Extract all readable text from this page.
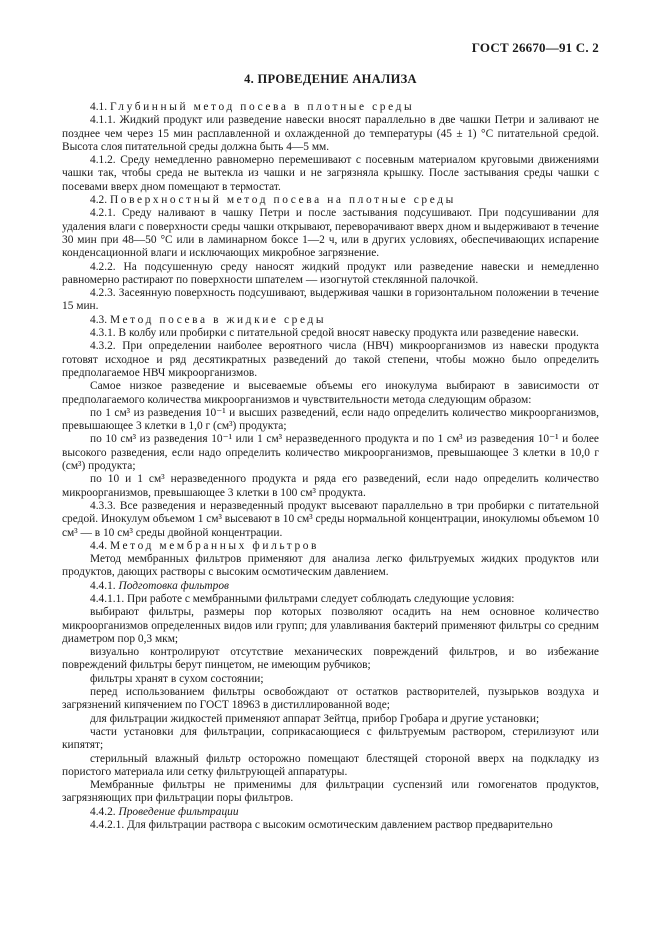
ГОСТ 26670—91 С. 2
4. ПРОВЕДЕНИЕ АНАЛИЗА

4.1. Глубинный метод посева в плотные среды

4.1.1. Жидкий продукт или разведение навески вносят параллельно в две чашки Петри и заливают не позднее чем через 15 мин расплавленной и охлажденной до температуры (45 ± 1) °С питательной средой. Высота слоя питательной среды должна быть 4—5 мм.

4.1.2. Среду немедленно равномерно перемешивают с посевным материалом круговыми движениями чашки так, чтобы среда не вытекла из чашки и не загрязняла крышку. После застывания среды чашки с посевами вверх дном помещают в термостат.

4.2. Поверхностный метод посева на плотные среды

4.2.1. Среду наливают в чашку Петри и после застывания подсушивают. При подсушивании для удаления влаги с поверхности среды чашки открывают, переворачивают вверх дном и выдерживают в течение 30 мин при 48—50 °С или в ламинарном боксе 1—2 ч, или в других условиях, обеспечивающих испарение конденсационной влаги и исключающих микробное загрязнение.

4.2.2. На подсушенную среду наносят жидкий продукт или разведение навески и немедленно равномерно растирают по поверхности шпателем — изогнутой стеклянной палочкой.

4.2.3. Засеянную поверхность подсушивают, выдерживая чашки в горизонтальном положении в течение 15 мин.

4.3. Метод посева в жидкие среды

4.3.1. В колбу или пробирки с питательной средой вносят навеску продукта или разведение навески.

4.3.2. При определении наиболее вероятного числа (НВЧ) микроорганизмов из навески продукта готовят исходное и ряд десятикратных разведений до такой степени, чтобы можно было определить предполагаемое НВЧ микроорганизмов.

Самое низкое разведение и высеваемые объемы его инокулума выбирают в зависимости от предполагаемого количества микроорганизмов и чувствительности метода следующим образом:

по 1 см³ из разведения 10⁻¹ и высших разведений, если надо определить количество микроорганизмов, превышающее 3 клетки в 1,0 г (см³) продукта;

по 10 см³ из разведения 10⁻¹ или 1 см³ неразведенного продукта и по 1 см³ из разведения 10⁻¹ и более высокого разведения, если надо определить количество микроорганизмов, превышающее 3 клетки в 10,0 г (см³) продукта;

по 10 и 1 см³ неразведенного продукта и ряда его разведений, если надо определить количество микроорганизмов, превышающее 3 клетки в 100 см³ продукта.

4.3.3. Все разведения и неразведенный продукт высевают параллельно в три пробирки с питательной средой. Инокулум объемом 1 см³ высевают в 10 см³ среды нормальной концентрации, инокулюмы объемом 10 см³ — в 10 см³ среды двойной концентрации.

4.4. Метод мембранных фильтров

Метод мембранных фильтров применяют для анализа легко фильтруемых жидких продуктов или продуктов, дающих растворы с высоким осмотическим давлением.

4.4.1. Подготовка фильтров

4.4.1.1. При работе с мембранными фильтрами следует соблюдать следующие условия:

выбирают фильтры, размеры пор которых позволяют осадить на нем основное количество микроорганизмов определенных видов или групп; для улавливания бактерий применяют фильтры со средним диаметром пор 0,3 мкм;

визуально контролируют отсутствие механических повреждений фильтров, и во избежание повреждений фильтры берут пинцетом, не имеющим рубчиков;

фильтры хранят в сухом состоянии;

перед использованием фильтры освобождают от остатков растворителей, пузырьков воздуха и загрязнений кипячением по ГОСТ 18963 в дистиллированной воде;

для фильтрации жидкостей применяют аппарат Зейтца, прибор Гробара и другие установки;

части установки для фильтрации, соприкасающиеся с фильтруемым раствором, стерилизуют или кипятят;

стерильный влажный фильтр осторожно помещают блестящей стороной вверх на подкладку из пористого материала или сетку фильтрующей аппаратуры.

Мембранные фильтры не применимы для фильтрации суспензий или гомогенатов продуктов, загрязняющих при фильтрации поры фильтров.

4.4.2. Проведение фильтрации

4.4.2.1. Для фильтрации раствора с высоким осмотическим давлением раствор предварительно
